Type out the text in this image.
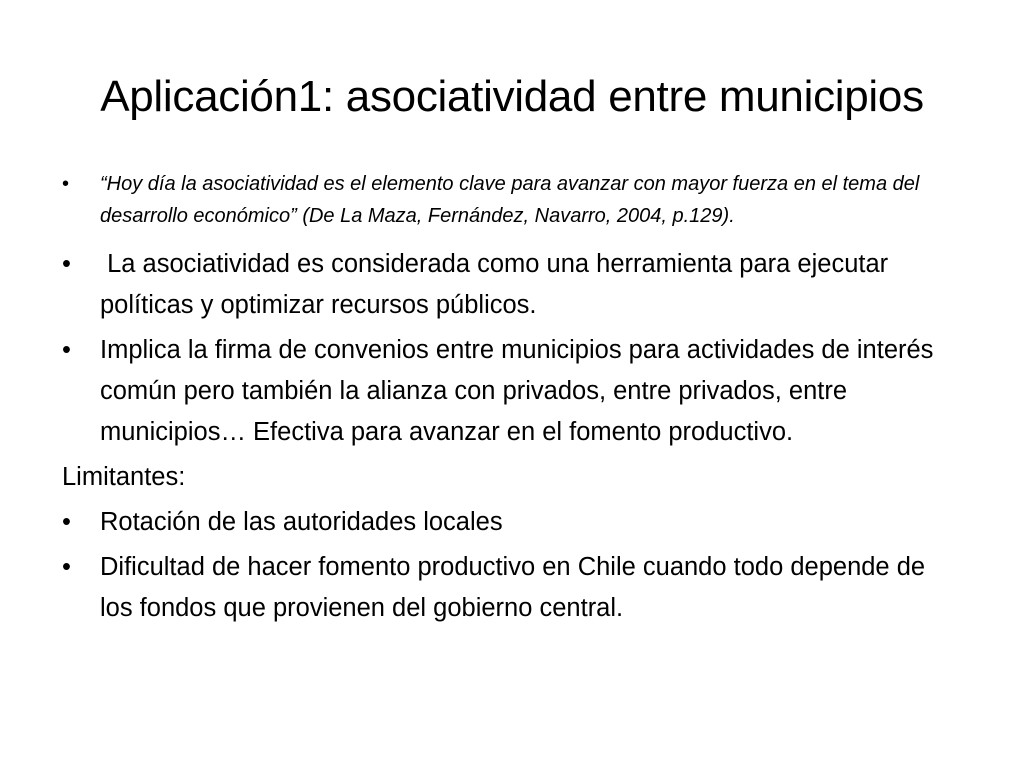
Aplicación1: asociatividad entre municipios
• “Hoy día la asociatividad es el elemento clave para avanzar con mayor fuerza en el tema del desarrollo económico” (De La Maza, Fernández, Navarro, 2004, p.129).
• La asociatividad es considerada como una herramienta para ejecutar políticas y optimizar recursos públicos.
• Implica la firma de convenios entre municipios para actividades de interés común pero también la alianza con privados, entre privados, entre municipios… Efectiva para avanzar en el fomento productivo.
Limitantes:
• Rotación de las autoridades locales
• Dificultad de hacer fomento productivo en Chile cuando todo depende de los fondos que provienen del gobierno central.
